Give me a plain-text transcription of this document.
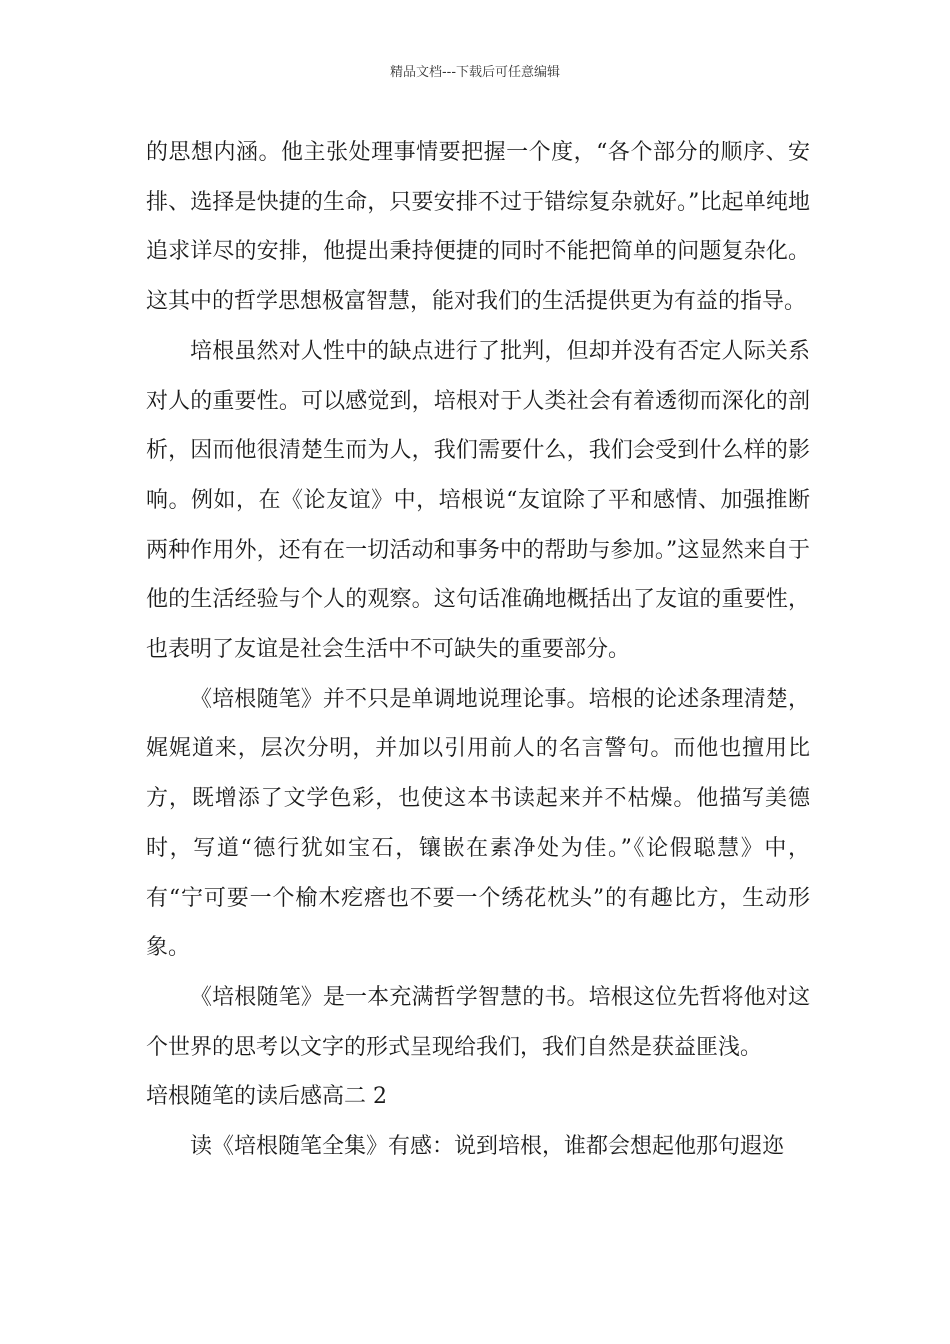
精品文档---下载后可任意编辑

的思想内涵。他主张处理事情要把握一个度，“各个部分的顺序、安排、选择是快捷的生命，只要安排不过于错综复杂就好。”比起单纯地追求详尽的安排，他提出秉持便捷的同时不能把简单的问题复杂化。这其中的哲学思想极富智慧，能对我们的生活提供更为有益的指导。

培根虽然对人性中的缺点进行了批判，但却并没有否定人际关系对人的重要性。可以感觉到，培根对于人类社会有着透彻而深化的剖析，因而他很清楚生而为人，我们需要什么，我们会受到什么样的影响。例如，在《论友谊》中，培根说“友谊除了平和感情、加强推断两种作用外，还有在一切活动和事务中的帮助与参加。”这显然来自于他的生活经验与个人的观察。这句话准确地概括出了友谊的重要性，也表明了友谊是社会生活中不可缺失的重要部分。

《培根随笔》并不只是单调地说理论事。培根的论述条理清楚，娓娓道来，层次分明，并加以引用前人的名言警句。而他也擅用比方，既增添了文学色彩，也使这本书读起来并不枯燥。他描写美德时，写道“德行犹如宝石，镶嵌在素净处为佳。”《论假聪慧》中，有“宁可要一个榆木疙瘩也不要一个绣花枕头”的有趣比方，生动形象。

《培根随笔》是一本充满哲学智慧的书。培根这位先哲将他对这个世界的思考以文字的形式呈现给我们，我们自然是获益匪浅。

培根随笔的读后感高二 2

读《培根随笔全集》有感：说到培根，谁都会想起他那句遐迩
